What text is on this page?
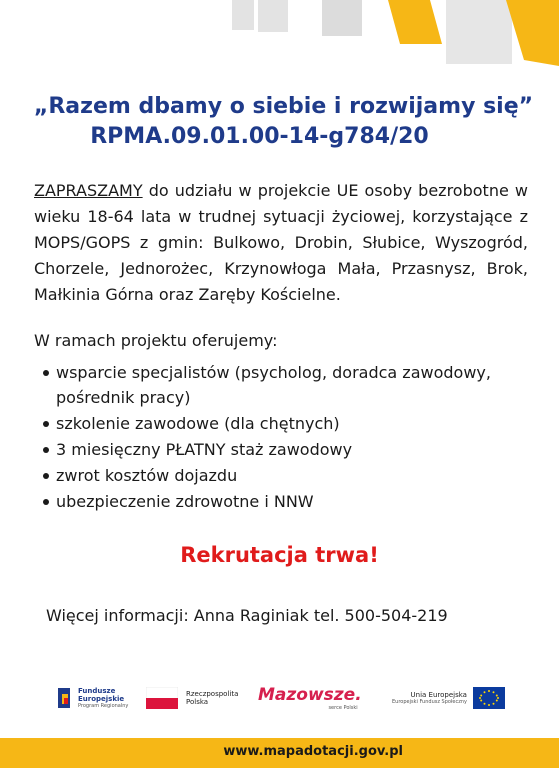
„Razem dbamy o siebie i rozwijamy się”
RPMA.09.01.00-14-g784/20

ZAPRASZAMY do udziału w projekcie UE osoby bezrobotne w wieku 18-64 lata w trudnej sytuacji życiowej, korzystające z MOPS/GOPS z gmin: Bulkowo, Drobin, Słubice, Wyszogród, Chorzele, Jednorożec, Krzynowłoga Mała, Przasnysz, Brok, Małkinia Górna oraz Zaręby Kościelne.

W ramach projektu oferujemy:
wsparcie specjalistów (psycholog, doradca zawodowy, pośrednik pracy)
szkolenie zawodowe (dla chętnych)
3 miesięczny PŁATNY staż zawodowy
zwrot kosztów dojazdu
ubezpieczenie zdrowotne i NNW
Rekrutacja trwa!
Więcej informacji: Anna Raginiak tel. 500-504-219
Fundusze
Europejskie
Program Regionalny
Rzeczpospolita
Polska	Mazowsze.
serce Polski
Unia Europejska
Europejski Fundusz Społeczny
www.mapadotacji.gov.pl
